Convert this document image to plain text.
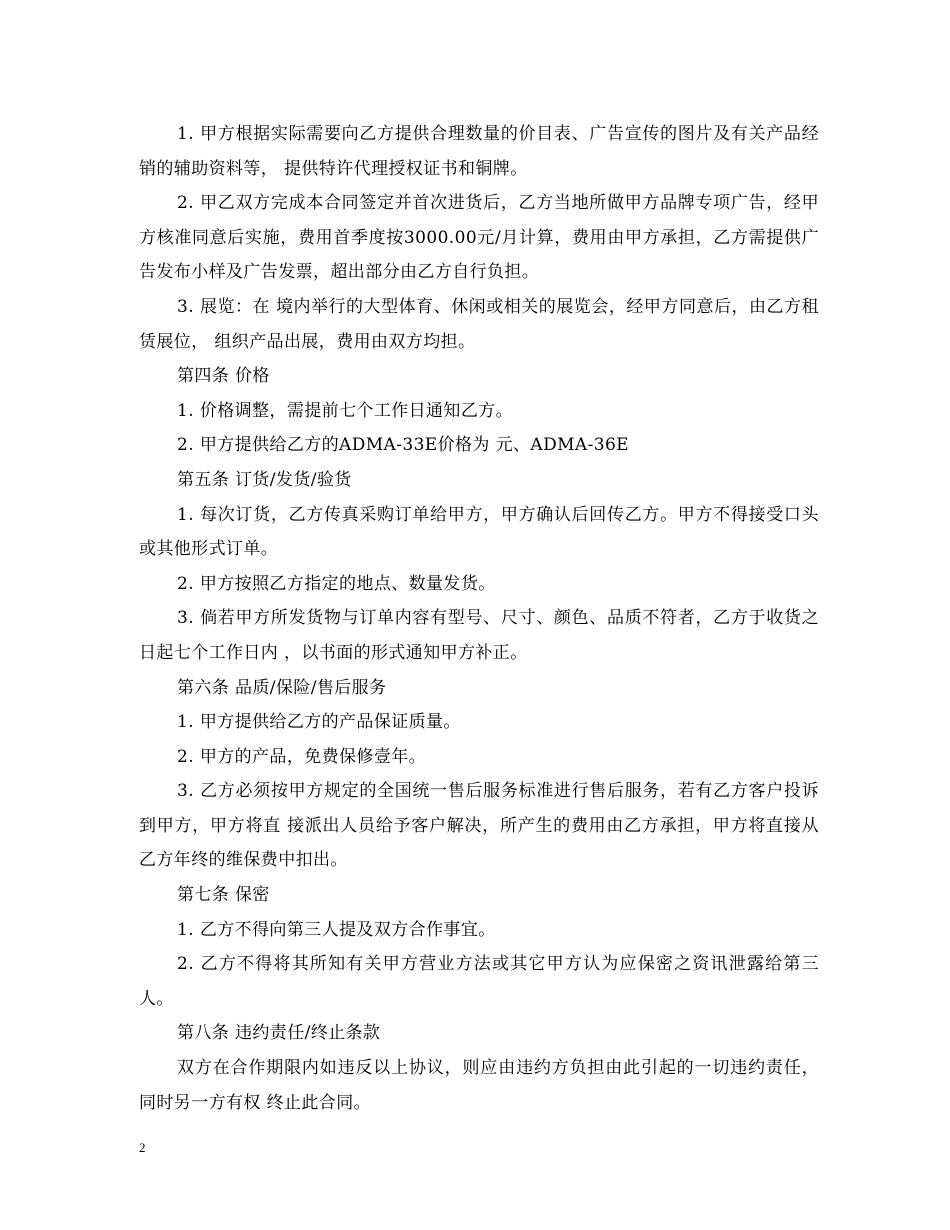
1. 甲方根据实际需要向乙方提供合理数量的价目表、广告宣传的图片及有关产品经销的辅助资料等， 提供特许代理授权证书和铜牌。

2. 甲乙双方完成本合同签定并首次进货后，乙方当地所做甲方品牌专项广告，经甲方核准同意后实施，费用首季度按3000.00元/月计算，费用由甲方承担，乙方需提供广告发布小样及广告发票，超出部分由乙方自行负担。

3. 展览：在 境内举行的大型体育、休闲或相关的展览会，经甲方同意后，由乙方租赁展位， 组织产品出展，费用由双方均担。

第四条 价格

1. 价格调整，需提前七个工作日通知乙方。

2. 甲方提供给乙方的ADMA-33E价格为 元、ADMA-36E

第五条 订货/发货/验货

1. 每次订货，乙方传真采购订单给甲方，甲方确认后回传乙方。甲方不得接受口头或其他形式订单。

2. 甲方按照乙方指定的地点、数量发货。

3. 倘若甲方所发货物与订单内容有型号、尺寸、颜色、品质不符者，乙方于收货之日起七个工作日内 ，以书面的形式通知甲方补正。

第六条 品质/保险/售后服务

1. 甲方提供给乙方的产品保证质量。

2. 甲方的产品，免费保修壹年。

3. 乙方必须按甲方规定的全国统一售后服务标准进行售后服务，若有乙方客户投诉到甲方，甲方将直 接派出人员给予客户解决，所产生的费用由乙方承担，甲方将直接从乙方年终的维保费中扣出。

第七条 保密

1. 乙方不得向第三人提及双方合作事宜。

2. 乙方不得将其所知有关甲方营业方法或其它甲方认为应保密之资讯泄露给第三人。

第八条 违约责任/终止条款

双方在合作期限内如违反以上协议，则应由违约方负担由此引起的一切违约责任，同时另一方有权 终止此合同。

2
